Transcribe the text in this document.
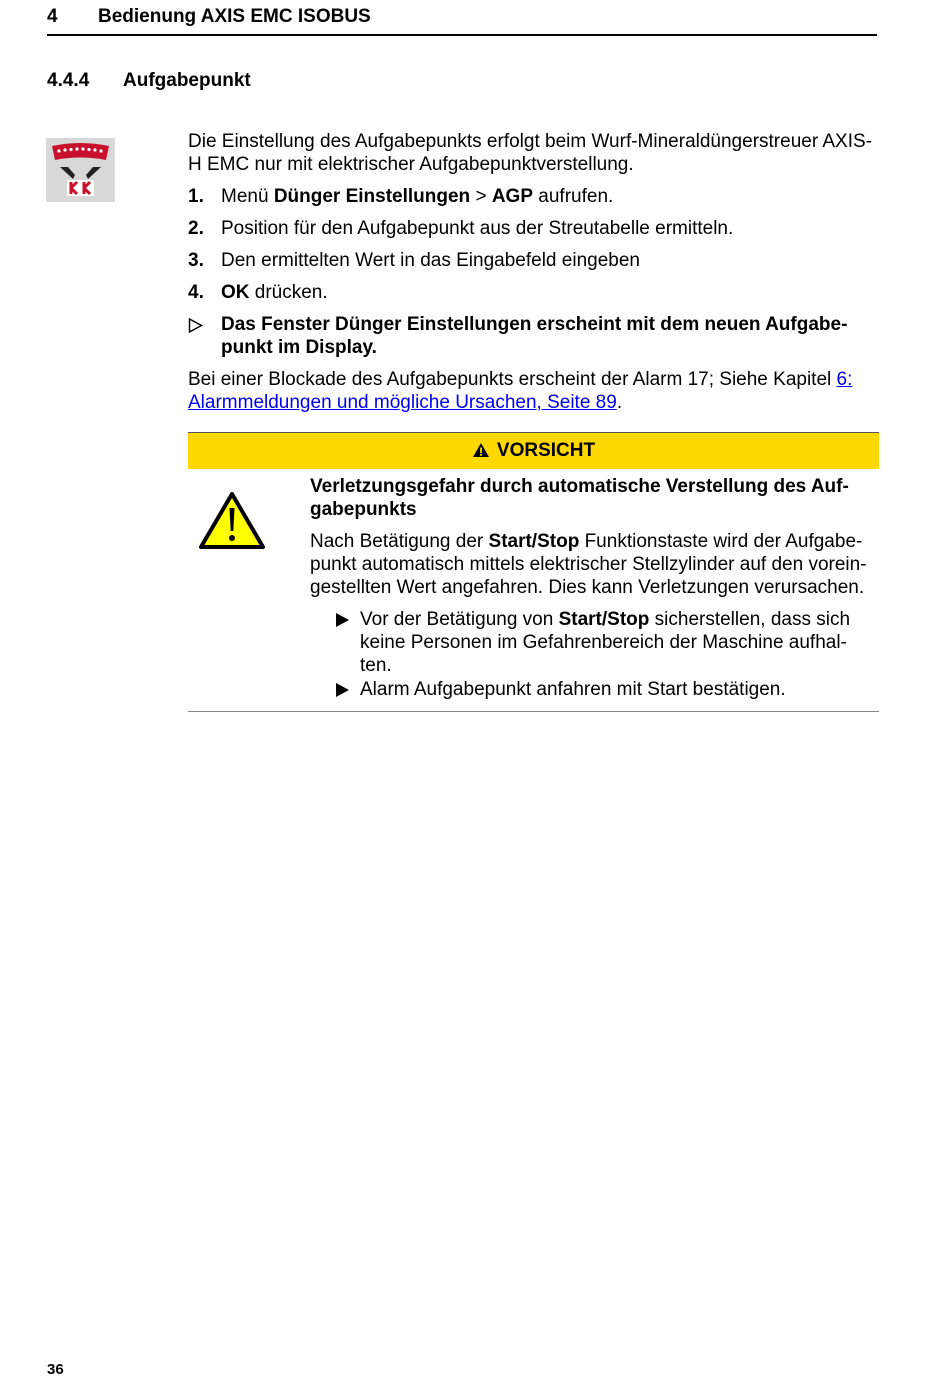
4 Bedienung AXIS EMC ISOBUS
4.4.4 Aufgabepunkt

Die Einstellung des Aufgabepunkts erfolgt beim Wurf-Mineraldüngerstreuer AXIS-H EMC nur mit elektrischer Aufgabepunktverstellung.

1. Menü Dünger Einstellungen > AGP aufrufen.
2. Position für den Aufgabepunkt aus der Streutabelle ermitteln.
3. Den ermittelten Wert in das Eingabefeld eingeben
4. OK drücken.
Das Fenster Dünger Einstellungen erscheint mit dem neuen Aufgabe-punkt im Display.

Bei einer Blockade des Aufgabepunkts erscheint der Alarm 17; Siehe Kapitel 6: Alarmmeldungen und mögliche Ursachen, Seite 89.

VORSICHT

Verletzungsgefahr durch automatische Verstellung des Auf-gabepunkts

Nach Betätigung der Start/Stop Funktionstaste wird der Aufgabe-punkt automatisch mittels elektrischer Stellzylinder auf den vorein-gestellten Wert angefahren. Dies kann Verletzungen verursachen.

Vor der Betätigung von Start/Stop sicherstellen, dass sich keine Personen im Gefahrenbereich der Maschine aufhal-ten.
Alarm Aufgabepunkt anfahren mit Start bestätigen.
36
